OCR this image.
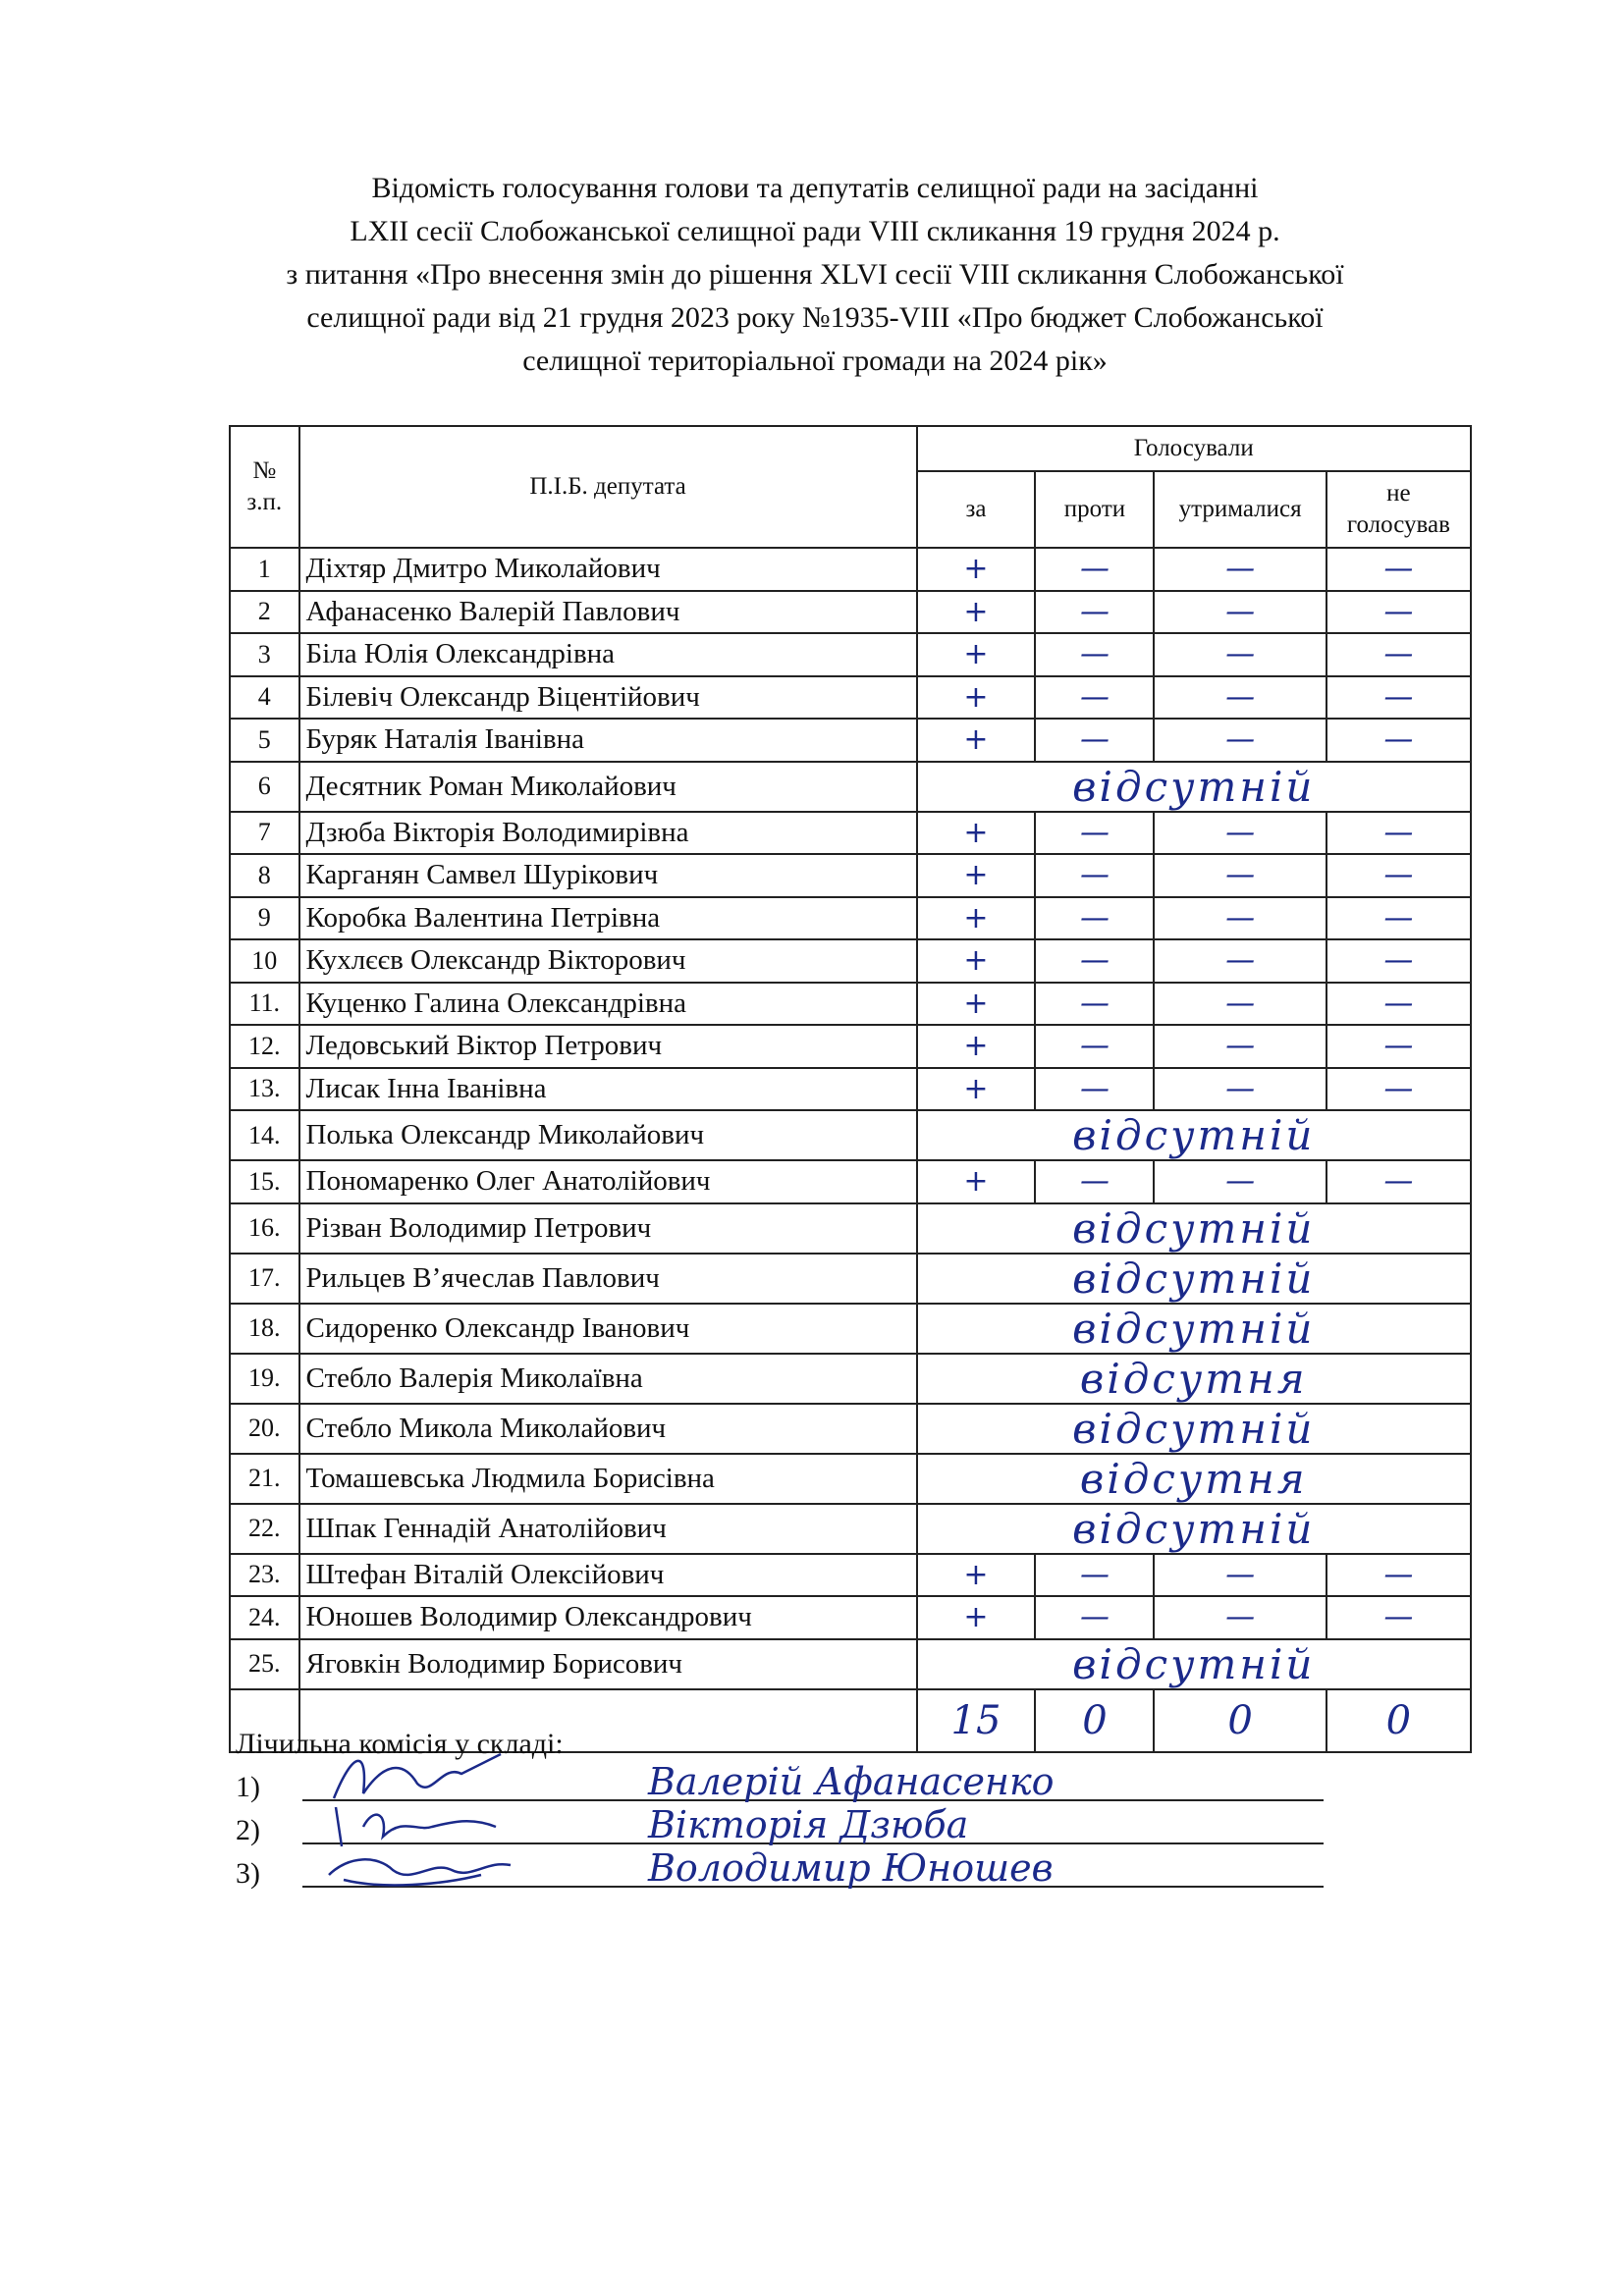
Відомість голосування голови та депутатів селищної ради на засіданні
LXII сесії Слобожанської селищної ради VIII скликання 19 грудня 2024 р.
з питання «Про внесення змін до рішення XLVI сесії VIII скликання Слобожанської
селищної ради від 21 грудня 2023 року №1935-VIII «Про бюджет Слобожанської
селищної територіальної громади на 2024 рік»
№
з.п.	П.І.Б. депутата	Голосували			
		за	проти	утрималися	не голосував
1	Діхтяр Дмитро Миколайович	+	—	—	—
2	Афанасенко Валерій Павлович	+	—	—	—
3	Біла Юлія Олександрівна	+	—	—	—
4	Білевіч Олександр Віцентійович	+	—	—	—
5	Буряк Наталія Іванівна	+	—	—	—
6	Десятник Роман Миколайович	відсутній			
7	Дзюба Вікторія Володимирівна	+	—	—	—
8	Карганян Самвел Шурікович	+	—	—	—
9	Коробка Валентина Петрівна	+	—	—	—
10	Кухлєєв Олександр Вікторович	+	—	—	—
11.	Куценко Галина Олександрівна	+	—	—	—
12.	Ледовський Віктор Петрович	+	—	—	—
13.	Лисак Інна Іванівна	+	—	—	—
14.	Полька Олександр Миколайович	відсутній			
15.	Пономаренко Олег Анатолійович	+	—	—	—
16.	Різван Володимир Петрович	відсутній			
17.	Рильцев В’ячеслав Павлович	відсутній			
18.	Сидоренко Олександр Іванович	відсутній			
19.	Стебло Валерія Миколаївна	відсутня			
20.	Стебло Микола Миколайович	відсутній			
21.	Томашевська Людмила Борисівна	відсутня			
22.	Шпак Геннадій Анатолійович	відсутній			
23.	Штефан Віталій Олексійович	+	—	—	—
24.	Юношев Володимир Олександрович	+	—	—	—
25.	Яговкін Володимир Борисович	відсутній			
		15	0	0	0
Лічильна комісія у складі:
1)	Валерій Афанасенко
2)	Вікторія Дзюба
3)	Володимир Юношев
